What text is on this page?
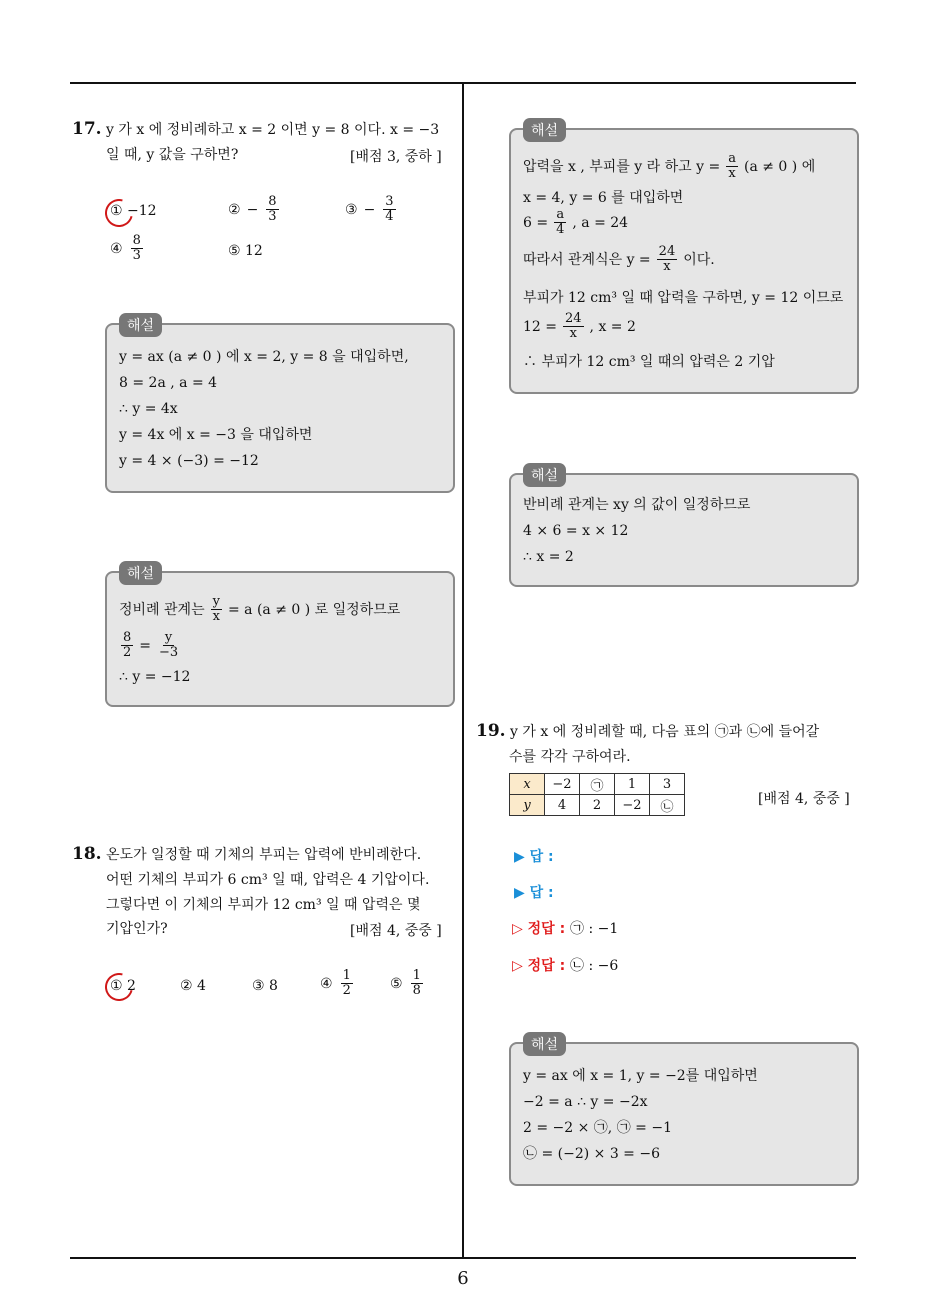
17. y 가 x 에 정비례하고 x = 2 이면 y = 8 이다. x = −3
일 때, y 값을 구하면?	[배점 3, 중하 ]
① −12	② − $\frac{8}{3}$	③ − $\frac{3}{4}$
④ $\frac{8}{3}$	⑤ 12
해설
y = ax (a ≠ 0 ) 에 x = 2, y = 8 을 대입하면,
8 = 2a , a = 4
∴ y = 4x
y = 4x 에 x = −3 을 대입하면
y = 4 × (−3) = −12
해설
정비례 관계는 $\frac{y}{x} = a$ (a ≠ 0 ) 로 일정하므로
$\frac{8}{2} = \frac{y}{-3}$
∴ y = −12
18. 온도가 일정할 때 기체의 부피는 압력에 반비례한다.
어떤 기체의 부피가 6 cm³ 일 때, 압력은 4 기압이다.
그렇다면 이 기체의 부피가 12 cm³ 일 때 압력은 몇
기압인가?	[배점 4, 중중 ]
① 2	② 4	③ 8	④ $\frac{1}{2}$	⑤ $\frac{1}{8}$
해설
압력을 x , 부피를 y 라 하고 $y = \frac{a}{x} (a \ne 0$ ) 에
x = 4, y = 6 를 대입하면
$6 = \frac{a}{4}$ , a = 24
따라서 관계식은 $y = \frac{24}{x}$ 이다.
부피가 12 cm³ 일 때 압력을 구하면, y = 12 이므로
$12 = \frac{24}{x}$ , x = 2
∴ 부피가 12 cm³ 일 때의 압력은 2 기압
해설
반비례 관계는 xy 의 값이 일정하므로
4 × 6 = x × 12
∴ x = 2
19. y 가 x 에 정비례할 때, 다음 표의 ㉠과 ㉡에 들어갈
수를 각각 구하여라.
x	−2	㉠	1	3
y	4	2	−2	㉡	[배점 4, 중중 ]
▶ 답 :
▶ 답 :
▷ 정답 : ㉠ : −1
▷ 정답 : ㉡ : −6
해설
y = ax 에 x = 1, y = −2를 대입하면
−2 = a ∴ y = −2x
2 = −2 × ㉠, ㉠ = −1
㉡ = (−2) × 3 = −6
6
